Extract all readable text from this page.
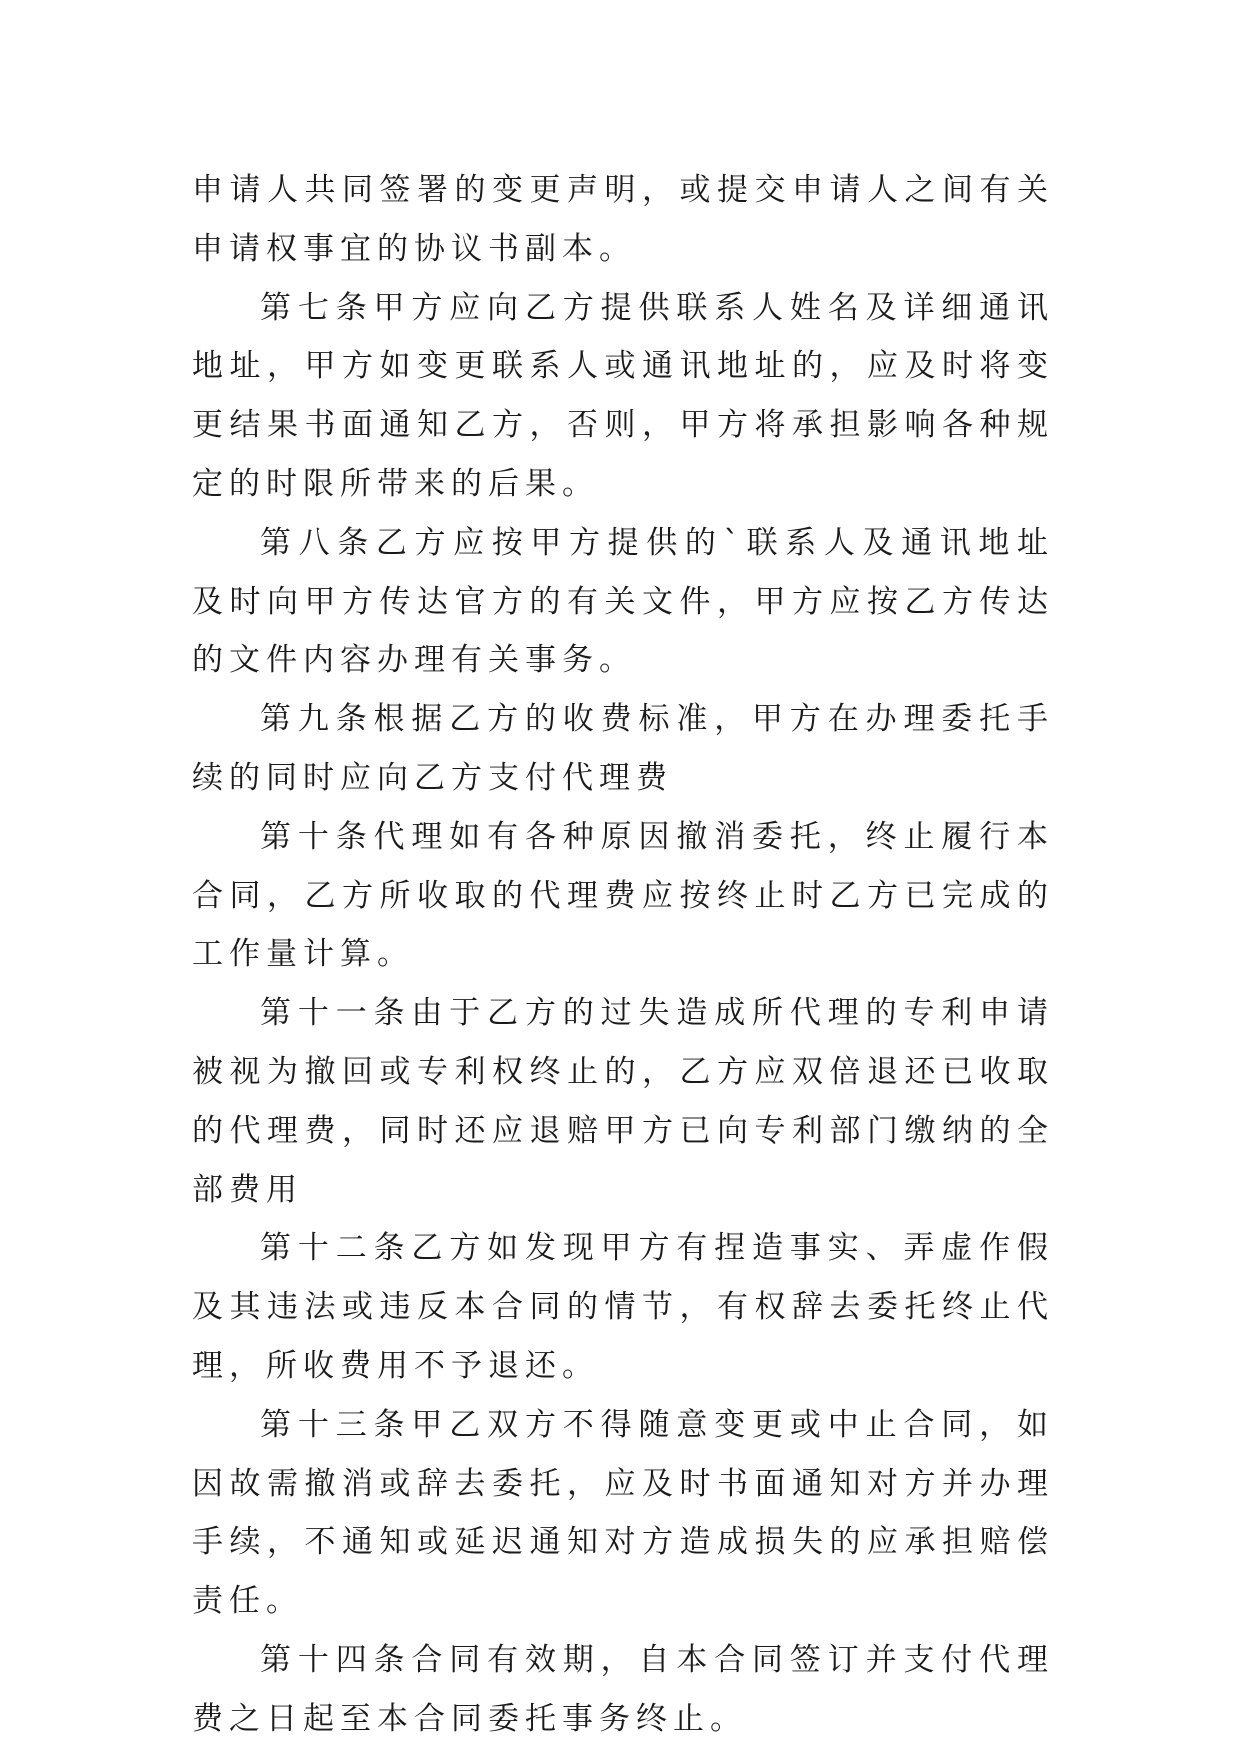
申请人共同签署的变更声明，或提交申请人之间有关申请权事宜的协议书副本。

第七条甲方应向乙方提供联系人姓名及详细通讯地址，甲方如变更联系人或通讯地址的，应及时将变更结果书面通知乙方，否则，甲方将承担影响各种规定的时限所带来的后果。

第八条乙方应按甲方提供的`联系人及通讯地址及时向甲方传达官方的有关文件，甲方应按乙方传达的文件内容办理有关事务。

第九条根据乙方的收费标准，甲方在办理委托手续的同时应向乙方支付代理费

第十条代理如有各种原因撤消委托，终止履行本合同，乙方所收取的代理费应按终止时乙方已完成的工作量计算。

第十一条由于乙方的过失造成所代理的专利申请被视为撤回或专利权终止的，乙方应双倍退还已收取的代理费，同时还应退赔甲方已向专利部门缴纳的全部费用

第十二条乙方如发现甲方有捏造事实、弄虚作假及其违法或违反本合同的情节，有权辞去委托终止代理，所收费用不予退还。

第十三条甲乙双方不得随意变更或中止合同，如因故需撤消或辞去委托，应及时书面通知对方并办理手续，不通知或延迟通知对方造成损失的应承担赔偿责任。

第十四条合同有效期，自本合同签订并支付代理费之日起至本合同委托事务终止。
